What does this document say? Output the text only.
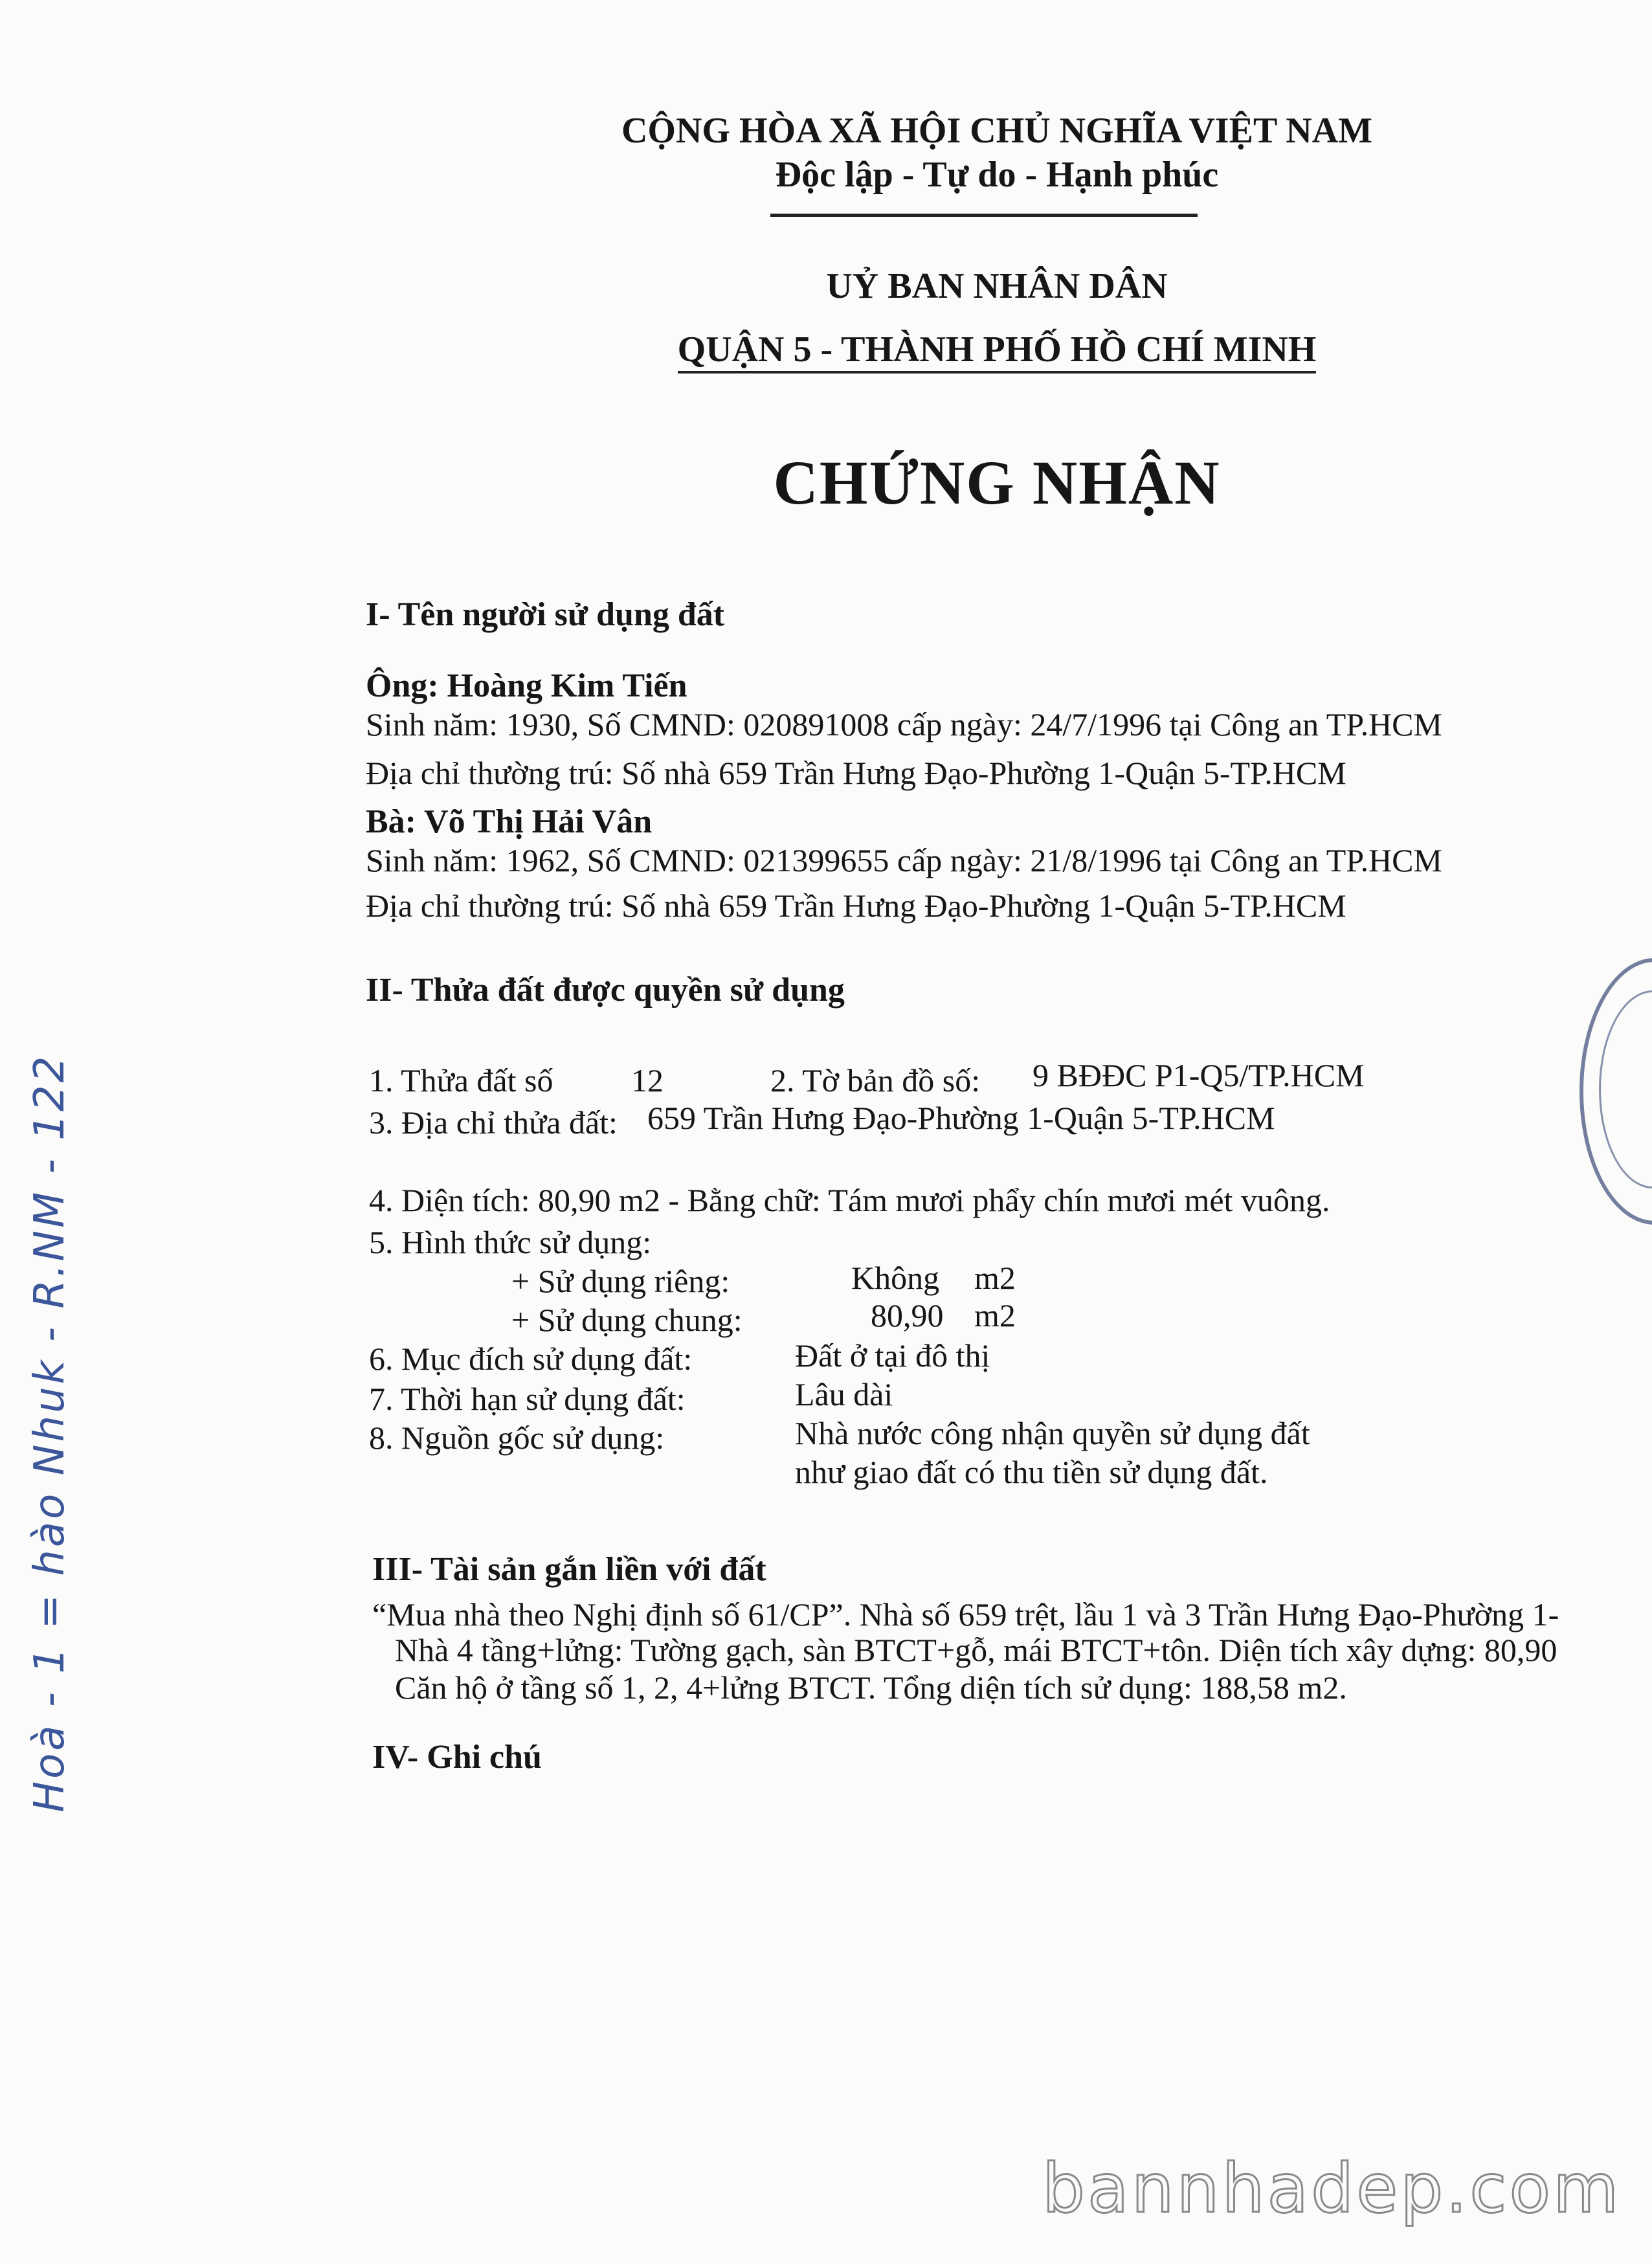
CỘNG HÒA XÃ HỘI CHỦ NGHĨA VIỆT NAM
Độc lập - Tự do - Hạnh phúc
UỶ BAN NHÂN DÂN
QUẬN 5 - THÀNH PHỐ HỒ CHÍ MINH
CHỨNG NHẬN
I- Tên người sử dụng đất
Ông: Hoàng Kim Tiến
Sinh năm: 1930, Số CMND: 020891008 cấp ngày: 24/7/1996 tại Công an TP.HCM
Địa chỉ thường trú: Số nhà 659 Trần Hưng Đạo-Phường 1-Quận 5-TP.HCM
Bà: Võ Thị Hải Vân
Sinh năm: 1962, Số CMND: 021399655 cấp ngày: 21/8/1996 tại Công an TP.HCM
Địa chỉ thường trú: Số nhà 659 Trần Hưng Đạo-Phường 1-Quận 5-TP.HCM
II- Thửa đất được quyền sử dụng
1. Thửa đất số 12	2. Tờ bản đồ số: 9 BĐĐC P1-Q5/TP.HCM
3. Địa chỉ thửa đất: 659 Trần Hưng Đạo-Phường 1-Quận 5-TP.HCM
4. Diện tích: 80,90 m2 - Bằng chữ: Tám mươi phẩy chín mươi mét vuông.
5. Hình thức sử dụng:
+ Sử dụng riêng:	Không m2
+ Sử dụng chung:	80,90 m2
6. Mục đích sử dụng đất:	Đất ở tại đô thị
7. Thời hạn sử dụng đất:	Lâu dài
8. Nguồn gốc sử dụng:	Nhà nước công nhận quyền sử dụng đất
như giao đất có thu tiền sử dụng đất.
III- Tài sản gắn liền với đất
“Mua nhà theo Nghị định số 61/CP”. Nhà số 659 trệt, lầu 1 và 3 Trần Hưng Đạo-Phường 1-
Nhà 4 tầng+lửng: Tường gạch, sàn BTCT+gỗ, mái BTCT+tôn. Diện tích xây dựng: 80,90
Căn hộ ở tầng số 1, 2, 4+lửng BTCT. Tổng diện tích sử dụng: 188,58 m2.
IV- Ghi chú
Hoà - 1 = hào Nhuk - R.NM - 122
bannhadep.com
